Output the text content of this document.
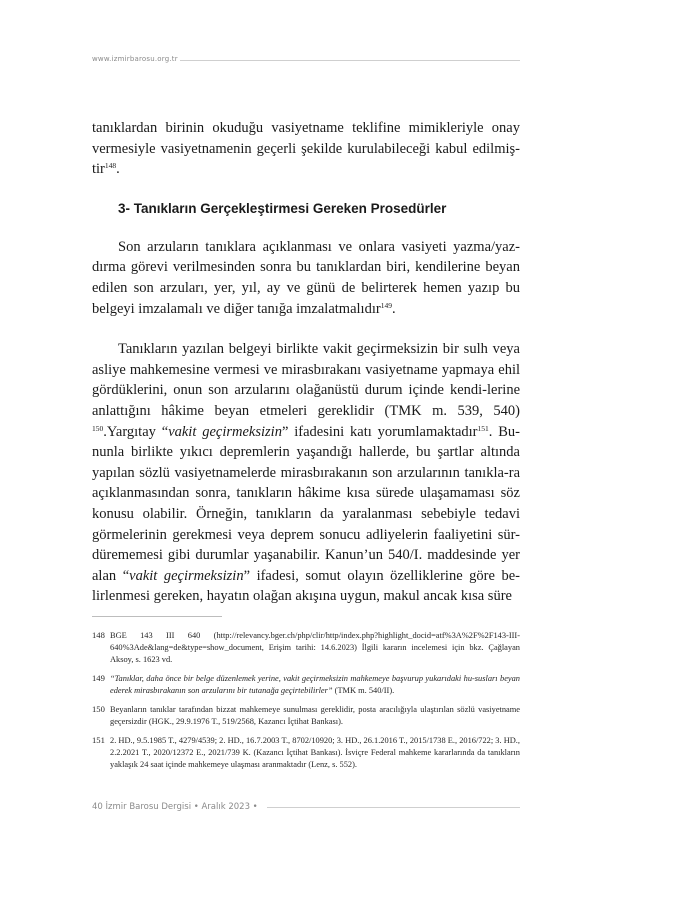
www.izmirbarosu.org.tr

tanıklardan birinin okuduğu vasiyetname teklifine mimikleriyle onay vermesiyle vasiyetnamenin geçerli şekilde kurulabileceği kabul edilmiş-tir$^{148}$.

3- Tanıkların Gerçekleştirmesi Gereken Prosedürler

Son arzuların tanıklara açıklanması ve onlara vasiyeti yazma/yaz-dırma görevi verilmesinden sonra bu tanıklardan biri, kendilerine beyan edilen son arzuları, yer, yıl, ay ve günü de belirterek hemen yazıp bu belgeyi imzalamalı ve diğer tanığa imzalatmalıdır$^{149}$.

Tanıkların yazılan belgeyi birlikte vakit geçirmeksizin bir sulh veya asliye mahkemesine vermesi ve mirasbırakanı vasiyetname yapmaya ehil gördüklerini, onun son arzularını olağanüstü durum içinde kendi-lerine anlattığını hâkime beyan etmeleri gereklidir (TMK m. 539, 540) $^{150}$.Yargıtay “vakit geçirmeksizin” ifadesini katı yorumlamaktadır$^{151}$. Bu-nunla birlikte yıkıcı depremlerin yaşandığı hallerde, bu şartlar altında yapılan sözlü vasiyetnamelerde mirasbırakanın son arzularının tanıkla-ra açıklanmasından sonra, tanıkların hâkime kısa sürede ulaşamaması söz konusu olabilir. Örneğin, tanıkların da yaralanması sebebiyle tedavi görmelerinin gerekmesi veya deprem sonucu adliyelerin faaliyetini sür-dürememesi gibi durumlar yaşanabilir. Kanun’un 540/I. maddesinde yer alan “vakit geçirmeksizin” ifadesi, somut olayın özelliklerine göre be-lirlenmesi gereken, hayatın olağan akışına uygun, makul ancak kısa süre

148 BGE 143 III 640 (http://relevancy.bger.ch/php/clir/http/index.php?highlight_docid=atf%3A%2F%2F143-III-640%3Ade&lang=de&type=show_document, Erişim tarihi: 14.6.2023) İlgili kararın incelemesi için bkz. Çağlayan Aksoy, s. 1623 vd.
149 “Tanıklar, daha önce bir belge düzenlemek yerine, vakit geçirmeksizin mahkemeye başvurup yukarıdaki hu-susları beyan ederek mirasbırakanın son arzularını bir tutanağa geçirtebilirler” (TMK m. 540/II).
150 Beyanların tanıklar tarafından bizzat mahkemeye sunulması gereklidir, posta aracılığıyla ulaştırılan sözlü vasiyetname geçersizdir (HGK., 29.9.1976 T., 519/2568, Kazancı İçtihat Bankası).
151 2. HD., 9.5.1985 T., 4279/4539; 2. HD., 16.7.2003 T., 8702/10920; 3. HD., 26.1.2016 T., 2015/1738 E., 2016/722; 3. HD., 2.2.2021 T., 2020/12372 E., 2021/739 K. (Kazancı İçtihat Bankası). İsviçre Federal mahkeme kararlarında da tanıkların yaklaşık 24 saat içinde mahkemeye ulaşması aranmaktadır (Lenz, s. 552).
40 İzmir Barosu Dergisi • Aralık 2023 •
